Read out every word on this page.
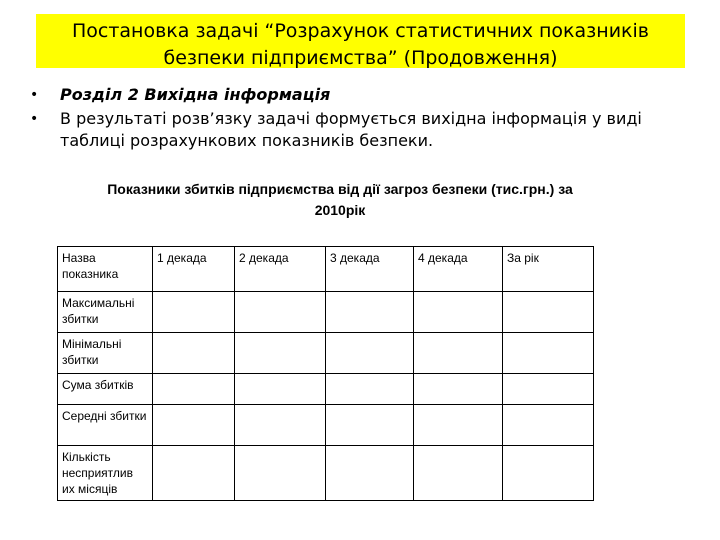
Постановка задачі “Розрахунок статистичних показників
безпеки підприємства” (Продовження)
•	Розділ 2 Вихідна інформація
•	В результаті розв’язку задачі формується вихідна інформація у виді таблиці розрахункових показників безпеки.
Показники збитків підприємства від дії загроз безпеки (тис.грн.) за
2010рік
Назва показника	1 декада	2 декада	3 декада	4 декада	За рік
Максимальні збитки					
Мінімальні збитки					
Сума збитків					
Середні збитки					
Кількість несприятлив их місяців					
